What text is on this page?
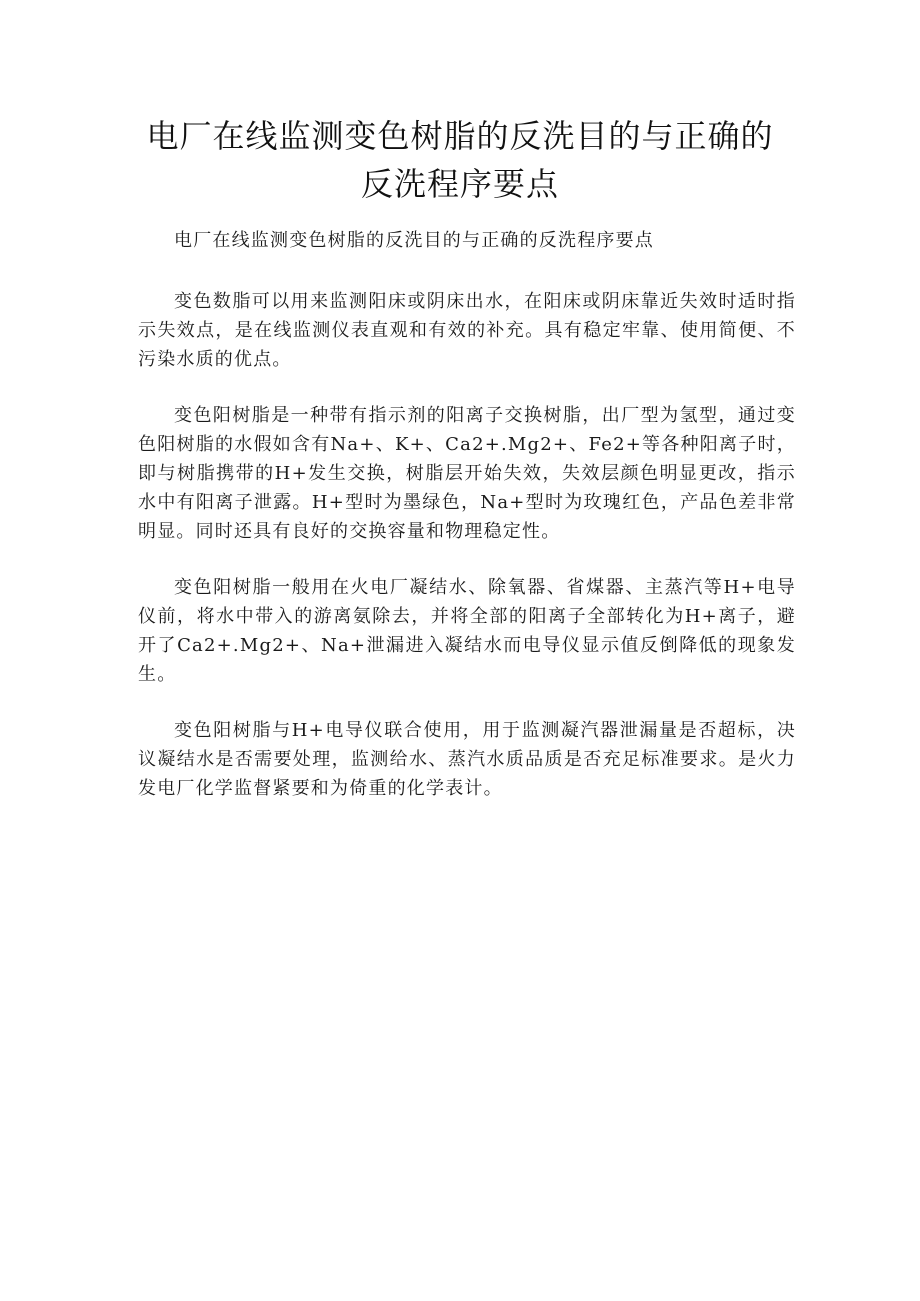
电厂在线监测变色树脂的反洗目的与正确的
反洗程序要点

电厂在线监测变色树脂的反洗目的与正确的反洗程序要点

变色数脂可以用来监测阳床或阴床出水，在阳床或阴床靠近失效时适时指示失效点，是在线监测仪表直观和有效的补充。具有稳定牢靠、使用简便、不污染水质的优点。

变色阳树脂是一种带有指示剂的阳离子交换树脂，出厂型为氢型，通过变色阳树脂的水假如含有Na+、K+、Ca2+.Mg2+、Fe2+等各种阳离子时，即与树脂携带的H+发生交换，树脂层开始失效，失效层颜色明显更改，指示水中有阳离子泄露。H+型时为墨绿色，Na+型时为玫瑰红色，产品色差非常明显。同时还具有良好的交换容量和物理稳定性。

变色阳树脂一般用在火电厂凝结水、除氧器、省煤器、主蒸汽等H+电导仪前，将水中带入的游离氨除去，并将全部的阳离子全部转化为H+离子，避开了Ca2+.Mg2+、Na+泄漏进入凝结水而电导仪显示值反倒降低的现象发生。

变色阳树脂与H+电导仪联合使用，用于监测凝汽器泄漏量是否超标，决议凝结水是否需要处理，监测给水、蒸汽水质品质是否充足标准要求。是火力发电厂化学监督紧要和为倚重的化学表计。
